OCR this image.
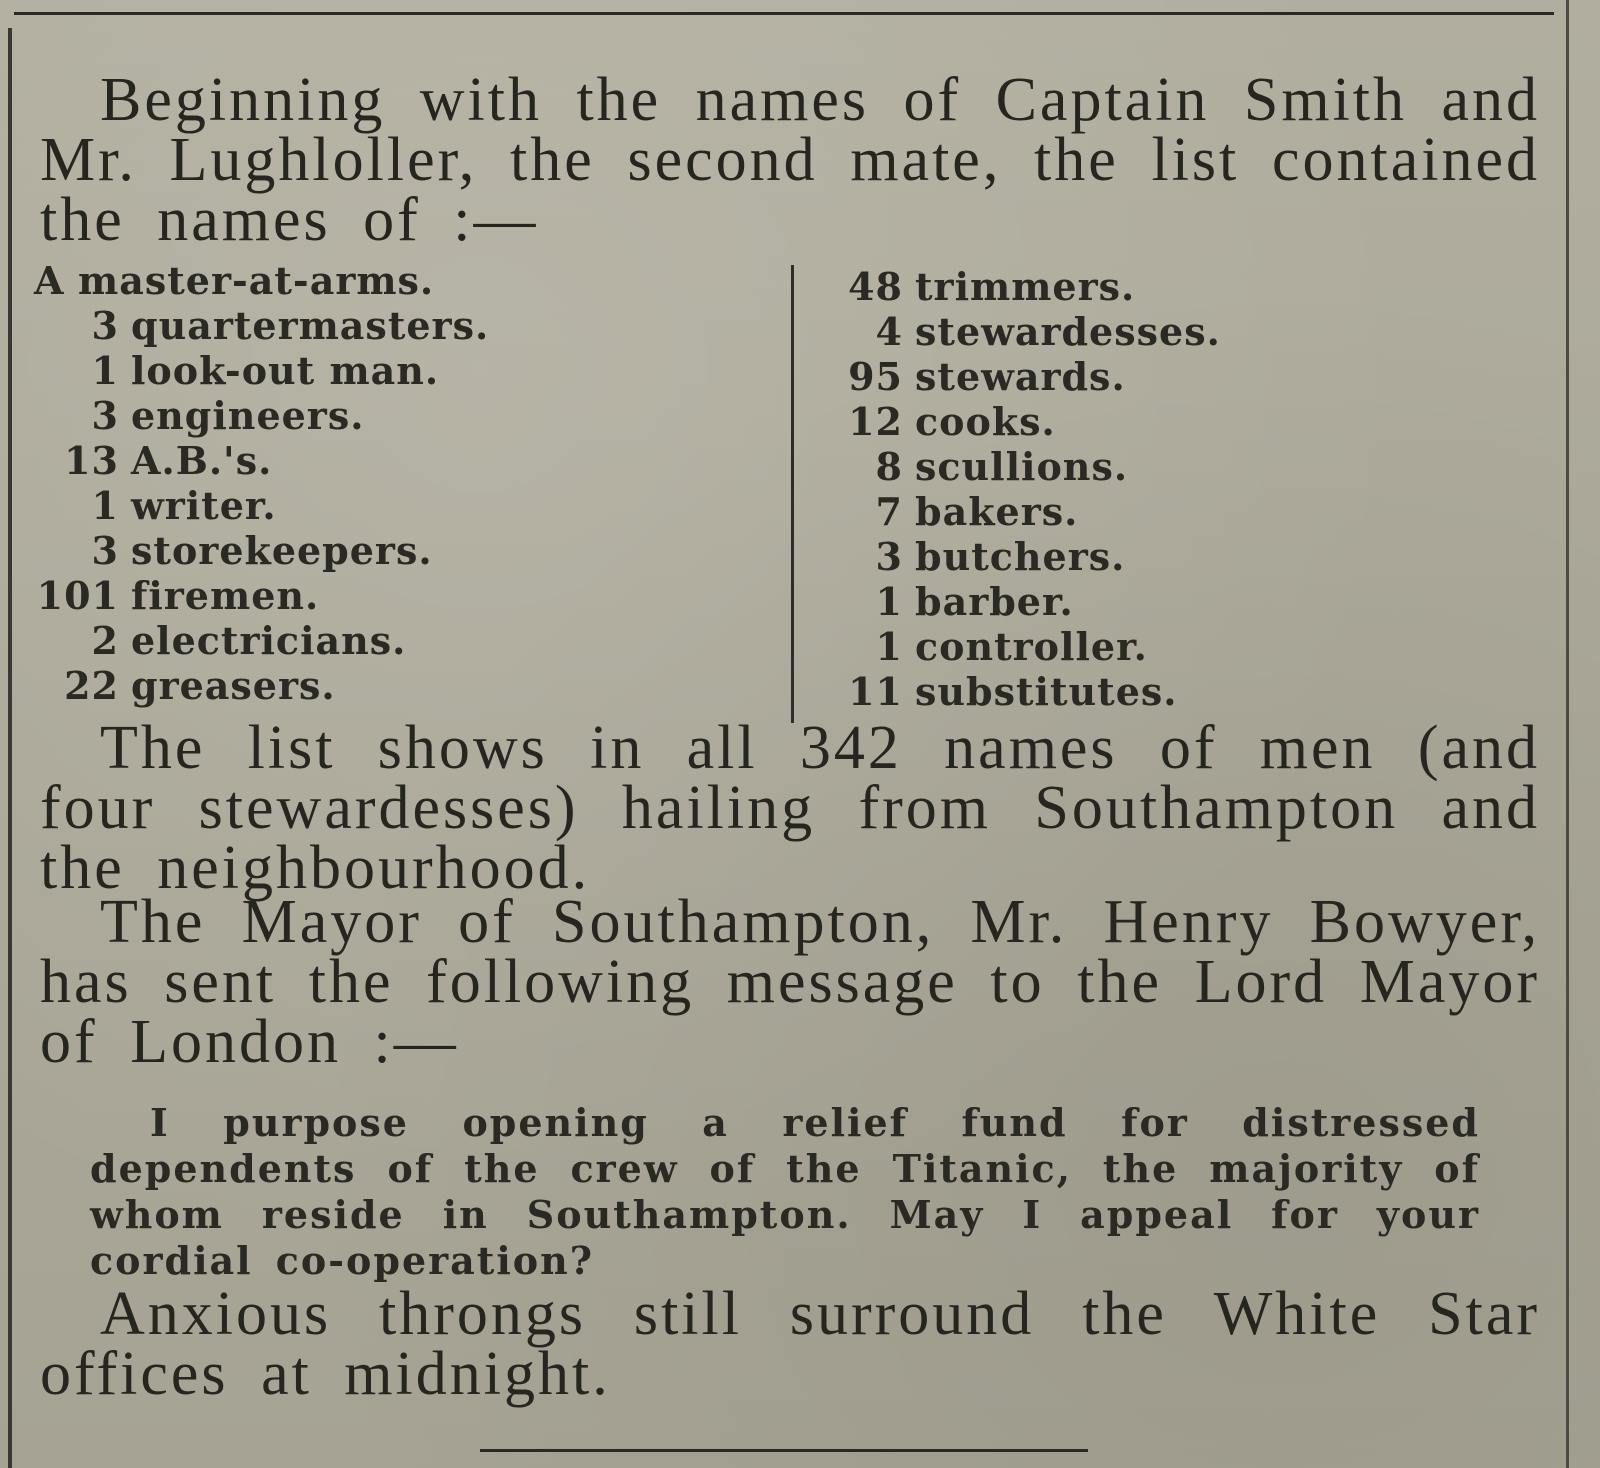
Beginning with the names of Captain Smith and Mr. Lughloller, the second mate, the list contained the names of :—

A master-at-arms.
3 quartermasters.
1 look-out man.
3 engineers.
13 A.B.'s.
1 writer.
3 storekeepers.
101 firemen.
2 electricians.
22 greasers.
48 trimmers.
4 stewardesses.
95 stewards.
12 cooks.
8 scullions.
7 bakers.
3 butchers.
1 barber.
1 controller.
11 substitutes.

The list shows in all 342 names of men (and four stewardesses) hailing from Southampton and the neighbourhood.

The Mayor of Southampton, Mr. Henry Bowyer, has sent the following message to the Lord Mayor of London :—

I purpose opening a relief fund for distressed dependents of the crew of the Titanic, the majority of whom reside in Southampton. May I appeal for your cordial co-operation?

Anxious throngs still surround the White Star offices at midnight.
